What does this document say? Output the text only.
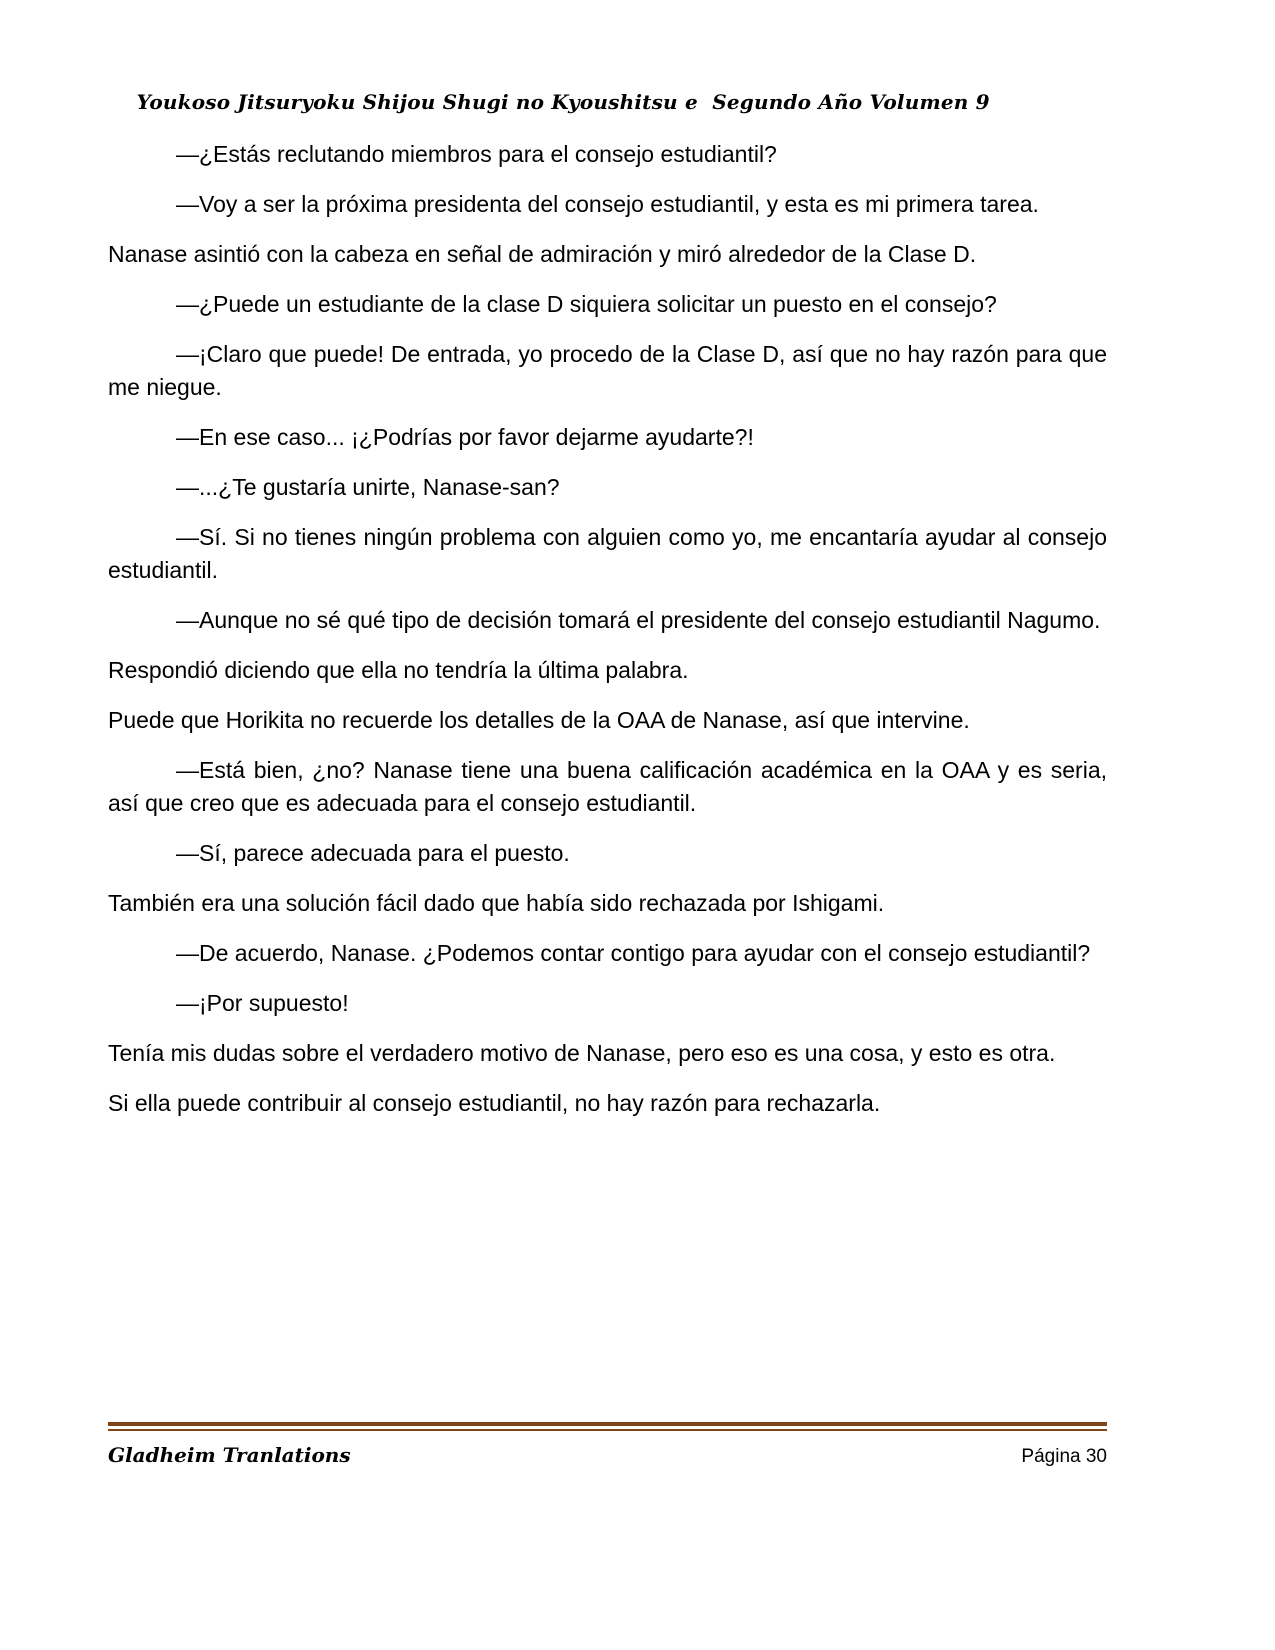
Youkoso Jitsuryoku Shijou Shugi no Kyoushitsu e  Segundo Año Volumen 9

—¿Estás reclutando miembros para el consejo estudiantil?

—Voy a ser la próxima presidenta del consejo estudiantil, y esta es mi primera tarea.

Nanase asintió con la cabeza en señal de admiración y miró alrededor de la Clase D.

—¿Puede un estudiante de la clase D siquiera solicitar un puesto en el consejo?

—¡Claro que puede! De entrada, yo procedo de la Clase D, así que no hay razón para que me niegue.

—En ese caso... ¡¿Podrías por favor dejarme ayudarte?!

—...¿Te gustaría unirte, Nanase-san?

—Sí. Si no tienes ningún problema con alguien como yo, me encantaría ayudar al consejo estudiantil.

—Aunque no sé qué tipo de decisión tomará el presidente del consejo estudiantil Nagumo.

Respondió diciendo que ella no tendría la última palabra.

Puede que Horikita no recuerde los detalles de la OAA de Nanase, así que intervine.

—Está bien, ¿no? Nanase tiene una buena calificación académica en la OAA y es seria, así que creo que es adecuada para el consejo estudiantil.

—Sí, parece adecuada para el puesto.

También era una solución fácil dado que había sido rechazada por Ishigami.

—De acuerdo, Nanase. ¿Podemos contar contigo para ayudar con el consejo estudiantil?

—¡Por supuesto!

Tenía mis dudas sobre el verdadero motivo de Nanase, pero eso es una cosa, y esto es otra.

Si ella puede contribuir al consejo estudiantil, no hay razón para rechazarla.

Gladheim Tranlations	Página 30
